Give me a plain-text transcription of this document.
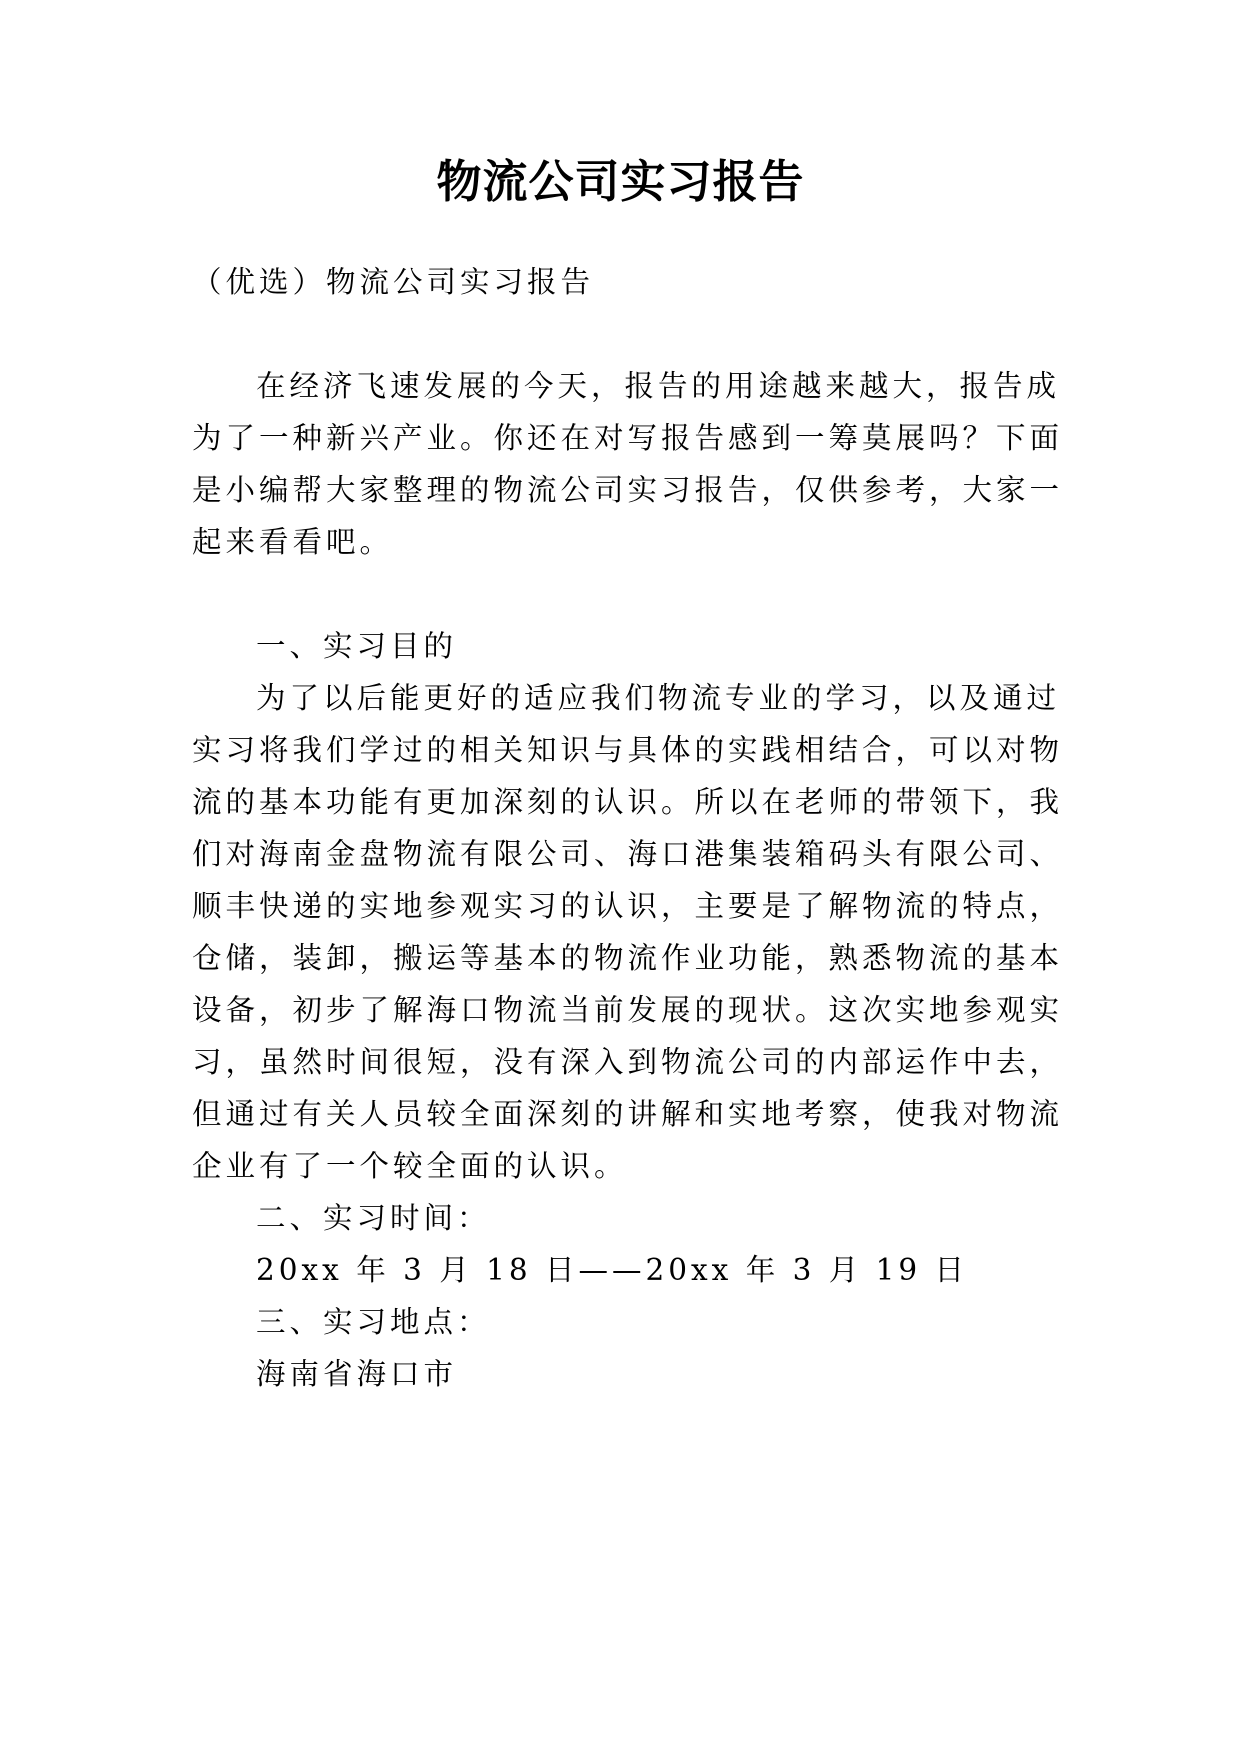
物流公司实习报告
（优选）物流公司实习报告
在经济飞速发展的今天，报告的用途越来越大，报告成
为了一种新兴产业。你还在对写报告感到一筹莫展吗？下面
是小编帮大家整理的物流公司实习报告，仅供参考，大家一
起来看看吧。
一、实习目的
为了以后能更好的适应我们物流专业的学习，以及通过
实习将我们学过的相关知识与具体的实践相结合，可以对物
流的基本功能有更加深刻的认识。所以在老师的带领下，我
们对海南金盘物流有限公司、海口港集装箱码头有限公司、
顺丰快递的实地参观实习的认识，主要是了解物流的特点，
仓储，装卸，搬运等基本的物流作业功能，熟悉物流的基本
设备，初步了解海口物流当前发展的现状。这次实地参观实
习，虽然时间很短，没有深入到物流公司的内部运作中去，
但通过有关人员较全面深刻的讲解和实地考察，使我对物流
企业有了一个较全面的认识。
二、实习时间：
20xx 年 3 月 18 日——20xx 年 3 月 19 日
三、实习地点：
海南省海口市
